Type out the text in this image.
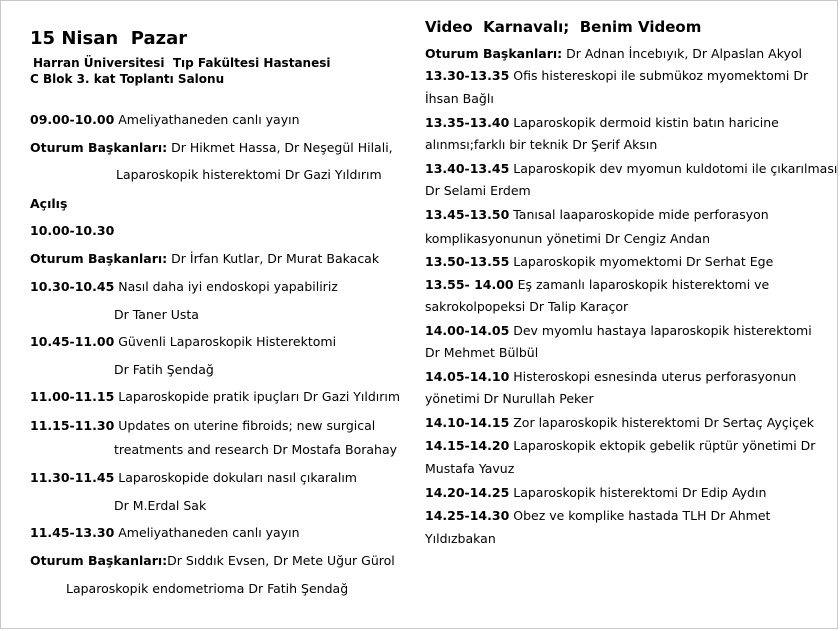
15 Nisan  Pazar
Harran Üniversitesi  Tıp Fakültesi Hastanesi
C Blok 3. kat Toplantı Salonu
09.00-10.00 Ameliyathaneden canlı yayın
Oturum Başkanları: Dr Hikmet Hassa, Dr Neşegül Hilali,
Laparoskopik histerektomi Dr Gazi Yıldırım
Açılış
10.00-10.30
Oturum Başkanları: Dr İrfan Kutlar, Dr Murat Bakacak
10.30-10.45 Nasıl daha iyi endoskopi yapabiliriz
Dr Taner Usta
10.45-11.00 Güvenli Laparoskopik Histerektomi
Dr Fatih Şendağ
11.00-11.15 Laparoskopide pratik ipuçları Dr Gazi Yıldırım
11.15-11.30 Updates on uterine fibroids; new surgical
treatments and research Dr Mostafa Borahay
11.30-11.45 Laparoskopide dokuları nasıl çıkaralım
Dr M.Erdal Sak
11.45-13.30 Ameliyathaneden canlı yayın
Oturum Başkanları:Dr Sıddık Evsen, Dr Mete Uğur Gürol
Laparoskopik endometrioma Dr Fatih Şendağ
Video  Karnavalı;  Benim Videom
Oturum Başkanları: Dr Adnan İncebıyık, Dr Alpaslan Akyol
13.30-13.35 Ofis histereskopi ile submükoz myomektomi Dr
İhsan Bağlı
13.35-13.40 Laparoskopik dermoid kistin batın haricine
alınmsı;farklı bir teknik Dr Şerif Aksın
13.40-13.45 Laparoskopik dev myomun kuldotomi ile çıkarılması
Dr Selami Erdem
13.45-13.50 Tanısal laaparoskopide mide perforasyon
komplikasyonunun yönetimi Dr Cengiz Andan
13.50-13.55 Laparoskopik myomektomi Dr Serhat Ege
13.55- 14.00 Eş zamanlı laparoskopik histerektomi ve
sakrokolpopeksi Dr Talip Karaçor
14.00-14.05 Dev myomlu hastaya laparoskopik histerektomi
Dr Mehmet Bülbül
14.05-14.10 Histeroskopi esnesinda uterus perforasyonun
yönetimi Dr Nurullah Peker
14.10-14.15 Zor laparoskopik histerektomi Dr Sertaç Ayçiçek
14.15-14.20 Laparoskopik ektopik gebelik rüptür yönetimi Dr
Mustafa Yavuz
14.20-14.25 Laparoskopik histerektomi Dr Edip Aydın
14.25-14.30 Obez ve komplike hastada TLH Dr Ahmet
Yıldızbakan
